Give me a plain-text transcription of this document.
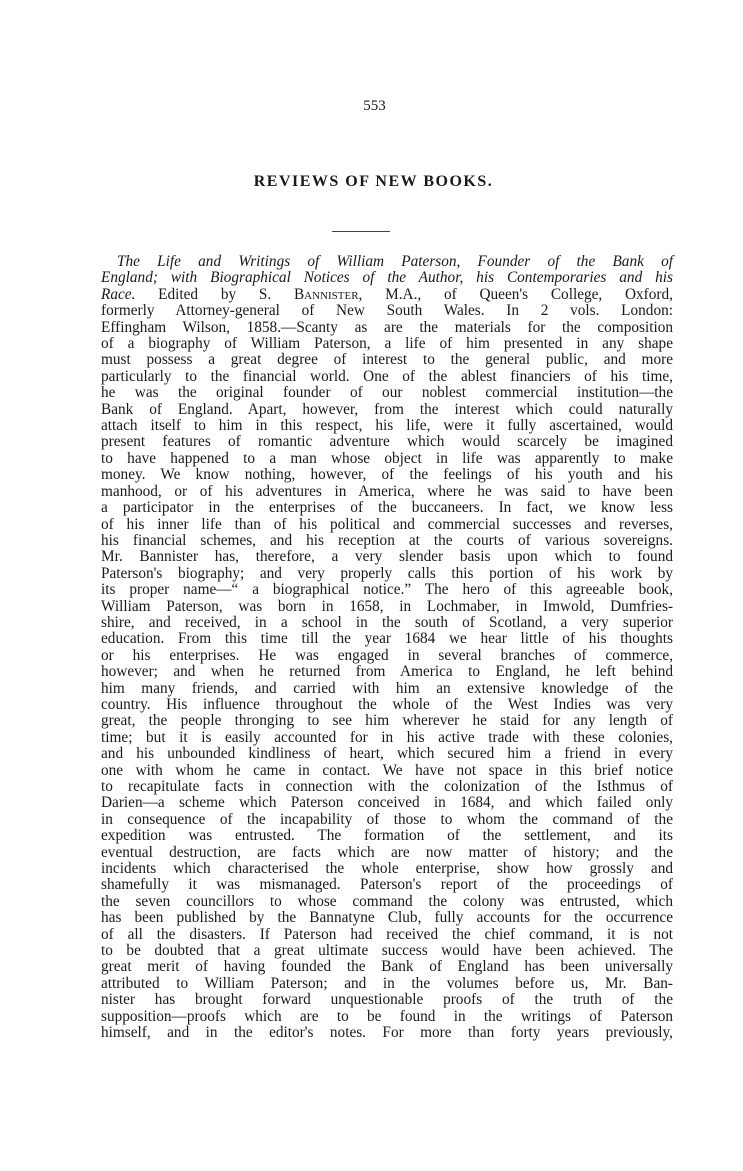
553
REVIEWS OF NEW BOOKS.
The Life and Writings of William Paterson, Founder of the Bank of
England; with Biographical Notices of the Author, his Contemporaries and his
Race. Edited by S. Bannister, M.A., of Queen's College, Oxford,
formerly Attorney-general of New South Wales. In 2 vols. London:
Effingham Wilson, 1858.—Scanty as are the materials for the composition
of a biography of William Paterson, a life of him presented in any shape
must possess a great degree of interest to the general public, and more
particularly to the financial world. One of the ablest financiers of his time,
he was the original founder of our noblest commercial institution—the
Bank of England. Apart, however, from the interest which could naturally
attach itself to him in this respect, his life, were it fully ascertained, would
present features of romantic adventure which would scarcely be imagined
to have happened to a man whose object in life was apparently to make
money. We know nothing, however, of the feelings of his youth and his
manhood, or of his adventures in America, where he was said to have been
a participator in the enterprises of the buccaneers. In fact, we know less
of his inner life than of his political and commercial successes and reverses,
his financial schemes, and his reception at the courts of various sovereigns.
Mr. Bannister has, therefore, a very slender basis upon which to found
Paterson's biography; and very properly calls this portion of his work by
its proper name—“ a biographical notice.” The hero of this agreeable book,
William Paterson, was born in 1658, in Lochmaber, in Imwold, Dumfries-
shire, and received, in a school in the south of Scotland, a very superior
education. From this time till the year 1684 we hear little of his thoughts
or his enterprises. He was engaged in several branches of commerce,
however; and when he returned from America to England, he left behind
him many friends, and carried with him an extensive knowledge of the
country. His influence throughout the whole of the West Indies was very
great, the people thronging to see him wherever he staid for any length of
time; but it is easily accounted for in his active trade with these colonies,
and his unbounded kindliness of heart, which secured him a friend in every
one with whom he came in contact. We have not space in this brief notice
to recapitulate facts in connection with the colonization of the Isthmus of
Darien—a scheme which Paterson conceived in 1684, and which failed only
in consequence of the incapability of those to whom the command of the
expedition was entrusted. The formation of the settlement, and its
eventual destruction, are facts which are now matter of history; and the
incidents which characterised the whole enterprise, show how grossly and
shamefully it was mismanaged. Paterson's report of the proceedings of
the seven councillors to whose command the colony was entrusted, which
has been published by the Bannatyne Club, fully accounts for the occurrence
of all the disasters. If Paterson had received the chief command, it is not
to be doubted that a great ultimate success would have been achieved. The
great merit of having founded the Bank of England has been universally
attributed to William Paterson; and in the volumes before us, Mr. Ban-
nister has brought forward unquestionable proofs of the truth of the
supposition—proofs which are to be found in the writings of Paterson
himself, and in the editor's notes. For more than forty years previously,
